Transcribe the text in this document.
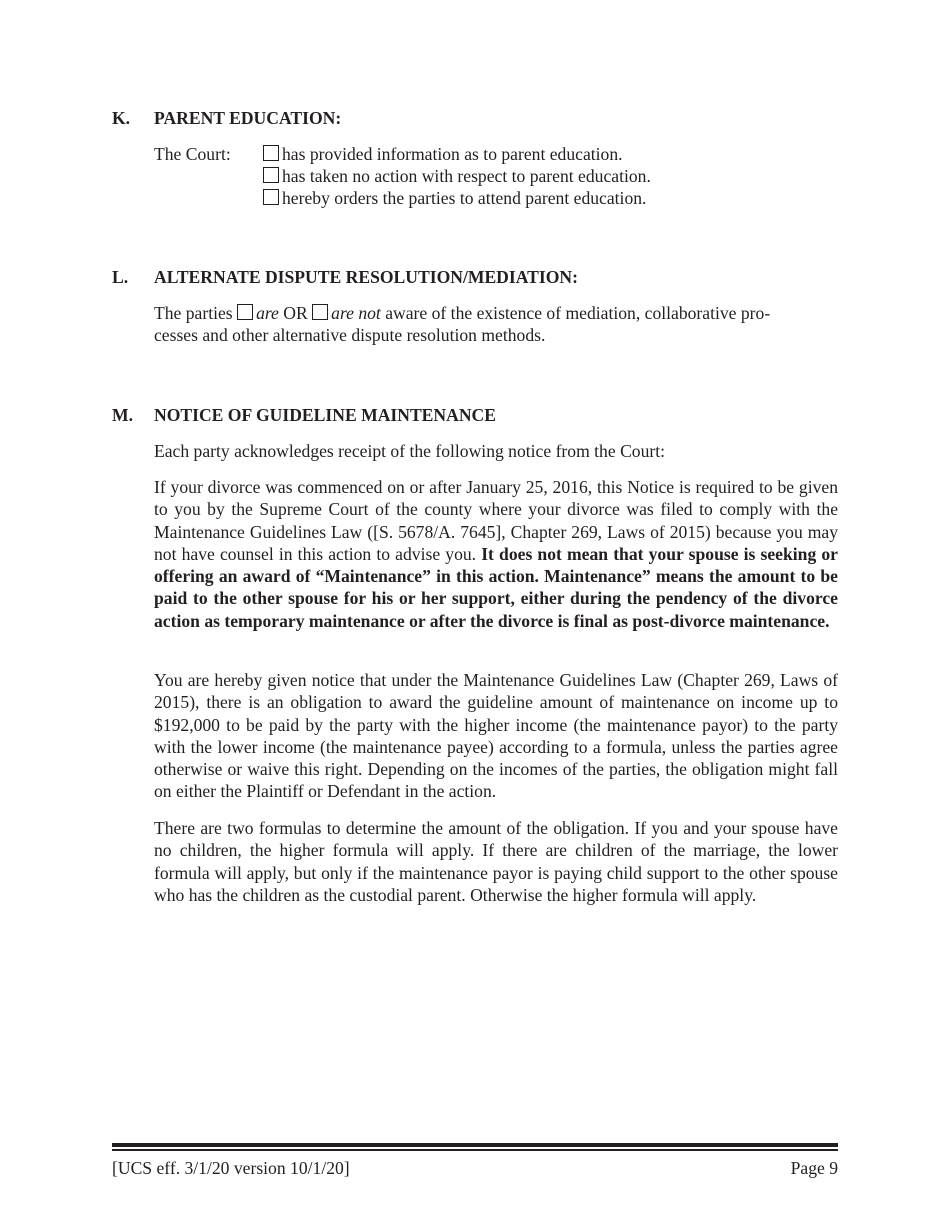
K. PARENT EDUCATION:
The Court:	has provided information as to parent education.
has taken no action with respect to parent education.
hereby orders the parties to attend parent education.
L. ALTERNATE DISPUTE RESOLUTION/MEDIATION:
The parties are OR are not aware of the existence of mediation, collaborative pro-
cesses and other alternative dispute resolution methods.
M. NOTICE OF GUIDELINE MAINTENANCE
Each party acknowledges receipt of the following notice from the Court:

If your divorce was commenced on or after January 25, 2016, this Notice is required to be given to you by the Supreme Court of the county where your divorce was filed to comply with the Maintenance Guidelines Law ([S. 5678/A. 7645], Chapter 269, Laws of 2015) because you may not have counsel in this action to advise you. It does not mean that your spouse is seeking or offering an award of “Maintenance” in this action. Maintenance” means the amount to be paid to the other spouse for his or her support, either during the pendency of the divorce action as temporary maintenance or after the divorce is final as post-divorce maintenance.

You are hereby given notice that under the Maintenance Guidelines Law (Chapter 269, Laws of 2015), there is an obligation to award the guideline amount of maintenance on income up to $192,000 to be paid by the party with the higher income (the maintenance payor) to the party with the lower income (the maintenance payee) according to a formula, unless the parties agree otherwise or waive this right. Depending on the incomes of the parties, the obligation might fall on either the Plaintiff or Defendant in the action.

There are two formulas to determine the amount of the obligation. If you and your spouse have no children, the higher formula will apply. If there are children of the marriage, the lower formula will apply, but only if the maintenance payor is paying child support to the other spouse who has the children as the custodial parent. Otherwise the higher formula will apply.

[UCS eff. 3/1/20 version 10/1/20]	Page 9
